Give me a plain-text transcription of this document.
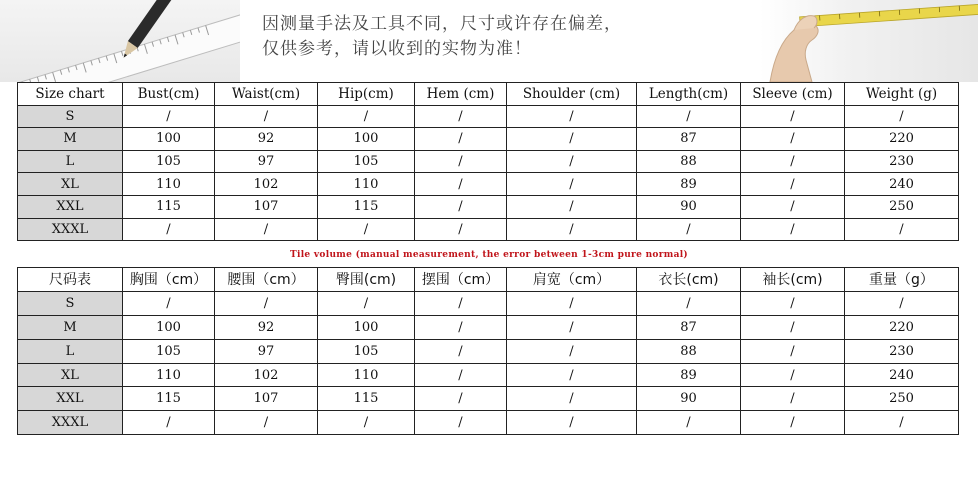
因测量手法及工具不同，尺寸或许存在偏差，
仅供参考，请以收到的实物为准！
Size chart	Bust(cm)	Waist(cm)	Hip(cm)	Hem (cm)	Shoulder (cm)	Length(cm)	Sleeve (cm)	Weight (g)
S	/	/	/	/	/	/	/	/
M	100	92	100	/	/	87	/	220
L	105	97	105	/	/	88	/	230
XL	110	102	110	/	/	89	/	240
XXL	115	107	115	/	/	90	/	250
XXXL	/	/	/	/	/	/	/	/
Tile volume (manual measurement, the error between 1-3cm pure normal)
尺码表	胸围（cm）	腰围（cm）	臀围(cm)	摆围（cm）	肩宽（cm）	衣长(cm)	袖长(cm)	重量（g）
S	/	/	/	/	/	/	/	/
M	100	92	100	/	/	87	/	220
L	105	97	105	/	/	88	/	230
XL	110	102	110	/	/	89	/	240
XXL	115	107	115	/	/	90	/	250
XXXL	/	/	/	/	/	/	/	/
